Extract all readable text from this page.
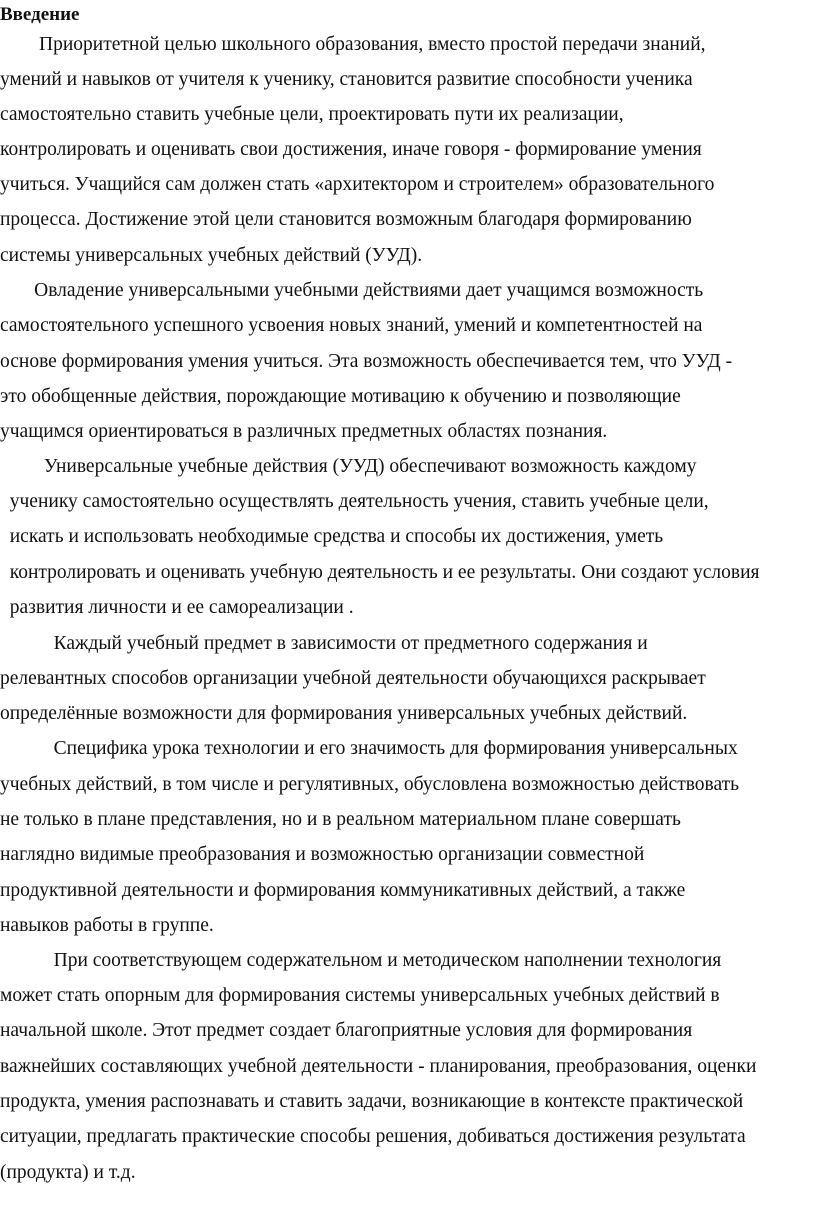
Введение
Приоритетной целью школьного образования, вместо простой передачи знаний,
умений и навыков от учителя к ученику, становится развитие способности ученика
самостоятельно ставить учебные цели, проектировать пути их реализации,
контролировать и оценивать свои достижения, иначе говоря - формирование умения
учиться. Учащийся сам должен стать «архитектором и строителем» образовательного
процесса. Достижение этой цели становится возможным благодаря формированию
системы универсальных учебных действий (УУД).
Овладение универсальными учебными действиями дает учащимся возможность
самостоятельного успешного усвоения новых знаний, умений и компетентностей на
основе формирования умения учиться. Эта возможность обеспечивается тем, что УУД -
это обобщенные действия, порождающие мотивацию к обучению и позволяющие
учащимся ориентироваться в различных предметных областях познания.
Универсальные учебные действия (УУД) обеспечивают возможность каждому
ученику самостоятельно осуществлять деятельность учения, ставить учебные цели,
искать и использовать необходимые средства и способы их достижения, уметь
контролировать и оценивать учебную деятельность и ее результаты. Они создают условия
развития личности и ее самореализации .
Каждый учебный предмет в зависимости от предметного содержания и
релевантных способов организации учебной деятельности обучающихся раскрывает
определённые возможности для формирования универсальных учебных действий.
Специфика урока технологии и его значимость для формирования универсальных
учебных действий, в том числе и регулятивных, обусловлена возможностью действовать
не только в плане представления, но и в реальном материальном плане совершать
наглядно видимые преобразования и возможностью организации совместной
продуктивной деятельности и формирования коммуникативных действий, а также
навыков работы в группе.
При соответствующем содержательном и методическом наполнении технология
может стать опорным для формирования системы универсальных учебных действий в
начальной школе. Этот предмет создает благоприятные условия для формирования
важнейших составляющих учебной деятельности - планирования, преобразования, оценки
продукта, умения распознавать и ставить задачи, возникающие в контексте практической
ситуации, предлагать практические способы решения, добиваться достижения результата
(продукта) и т.д.
